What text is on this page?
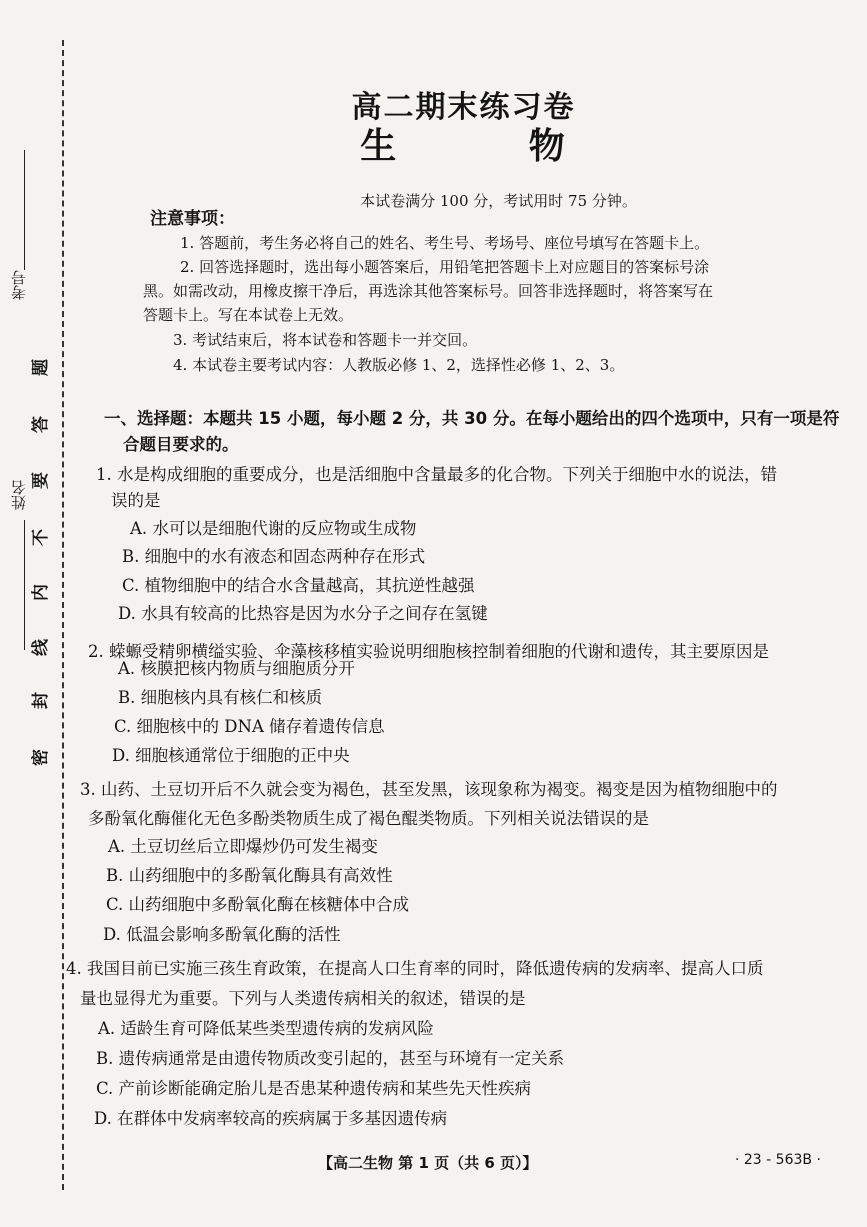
考号
姓名
密
封
线
内
不
要
答
题
高二期末练习卷
生 物
本试卷满分 100 分，考试用时 75 分钟。
注意事项：
1. 答题前，考生务必将自己的姓名、考生号、考场号、座位号填写在答题卡上。
2. 回答选择题时，选出每小题答案后，用铅笔把答题卡上对应题目的答案标号涂
黑。如需改动，用橡皮擦干净后，再选涂其他答案标号。回答非选择题时，将答案写在
答题卡上。写在本试卷上无效。
3. 考试结束后，将本试卷和答题卡一并交回。
4. 本试卷主要考试内容：人教版必修 1、2，选择性必修 1、2、3。
一、选择题：本题共 15 小题，每小题 2 分，共 30 分。在每小题给出的四个选项中，只有一项是符
合题目要求的。
1. 水是构成细胞的重要成分，也是活细胞中含量最多的化合物。下列关于细胞中水的说法，错
误的是
A. 水可以是细胞代谢的反应物或生成物
B. 细胞中的水有液态和固态两种存在形式
C. 植物细胞中的结合水含量越高，其抗逆性越强
D. 水具有较高的比热容是因为水分子之间存在氢键
2. 蝾螈受精卵横缢实验、伞藻核移植实验说明细胞核控制着细胞的代谢和遗传，其主要原因是
A. 核膜把核内物质与细胞质分开
B. 细胞核内具有核仁和核质
C. 细胞核中的 DNA 储存着遗传信息
D. 细胞核通常位于细胞的正中央
3. 山药、土豆切开后不久就会变为褐色，甚至发黑，该现象称为褐变。褐变是因为植物细胞中的
多酚氧化酶催化无色多酚类物质生成了褐色醌类物质。下列相关说法错误的是
A. 土豆切丝后立即爆炒仍可发生褐变
B. 山药细胞中的多酚氧化酶具有高效性
C. 山药细胞中多酚氧化酶在核糖体中合成
D. 低温会影响多酚氧化酶的活性
4. 我国目前已实施三孩生育政策，在提高人口生育率的同时，降低遗传病的发病率、提高人口质
量也显得尤为重要。下列与人类遗传病相关的叙述，错误的是
A. 适龄生育可降低某些类型遗传病的发病风险
B. 遗传病通常是由遗传物质改变引起的，甚至与环境有一定关系
C. 产前诊断能确定胎儿是否患某种遗传病和某些先天性疾病
D. 在群体中发病率较高的疾病属于多基因遗传病
【高二生物 第 1 页（共 6 页）】	· 23 - 563B ·
